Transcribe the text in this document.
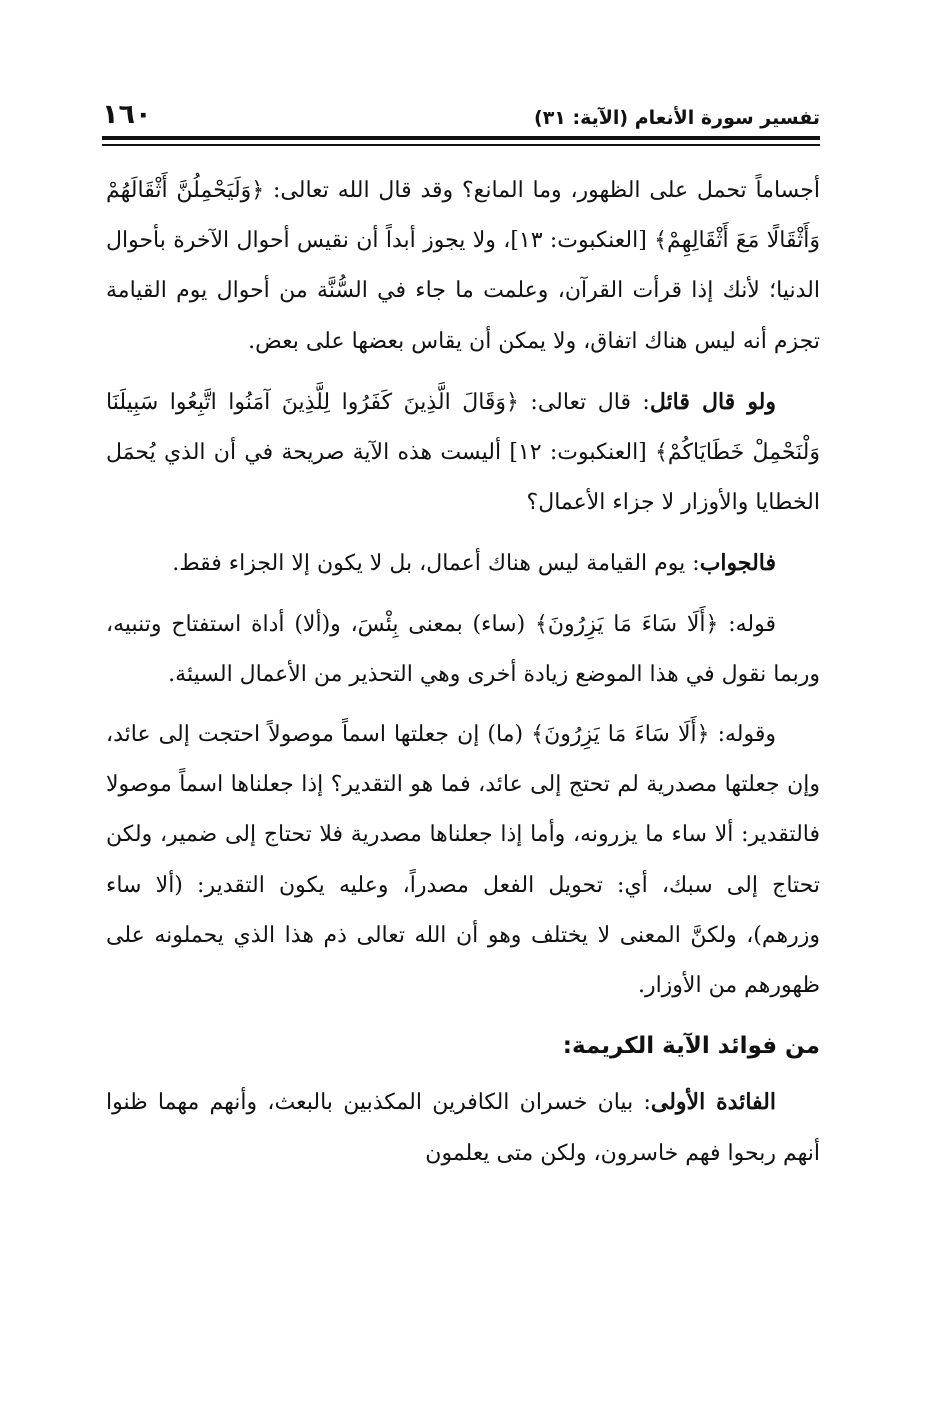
تفسير سورة الأنعام (الآية: ٣١)
١٦٠

أجساماً تحمل على الظهور، وما المانع؟ وقد قال الله تعالى: ﴿وَلَيَحْمِلُنَّ أَثْقَالَهُمْ وَأَثْقَالًا مَعَ أَثْقَالِهِمْ﴾ [العنكبوت: ١٣]، ولا يجوز أبداً أن نقيس أحوال الآخرة بأحوال الدنيا؛ لأنك إذا قرأت القرآن، وعلمت ما جاء في السُّنَّة من أحوال يوم القيامة تجزم أنه ليس هناك اتفاق، ولا يمكن أن يقاس بعضها على بعض.

ولو قال قائل: قال تعالى: ﴿وَقَالَ الَّذِينَ كَفَرُوا لِلَّذِينَ آمَنُوا اتَّبِعُوا سَبِيلَنَا وَلْنَحْمِلْ خَطَايَاكُمْ﴾ [العنكبوت: ١٢] أليست هذه الآية صريحة في أن الذي يُحمَل الخطايا والأوزار لا جزاء الأعمال؟

فالجواب: يوم القيامة ليس هناك أعمال، بل لا يكون إلا الجزاء فقط.

قوله: ﴿أَلَا سَاءَ مَا يَزِرُونَ﴾ (ساء) بمعنى بِئْسَ، و(ألا) أداة استفتاح وتنبيه، وربما نقول في هذا الموضع زيادة أخرى وهي التحذير من الأعمال السيئة.

وقوله: ﴿أَلَا سَاءَ مَا يَزِرُونَ﴾ (ما) إن جعلتها اسماً موصولاً احتجت إلى عائد، وإن جعلتها مصدرية لم تحتج إلى عائد، فما هو التقدير؟ إذا جعلناها اسماً موصولا فالتقدير: ألا ساء ما يزرونه، وأما إذا جعلناها مصدرية فلا تحتاج إلى ضمير، ولكن تحتاج إلى سبك، أي: تحويل الفعل مصدراً، وعليه يكون التقدير: (ألا ساء وزرهم)، ولكنَّ المعنى لا يختلف وهو أن الله تعالى ذم هذا الذي يحملونه على ظهورهم من الأوزار.

من فوائد الآية الكريمة:

الفائدة الأولى: بيان خسران الكافرين المكذبين بالبعث، وأنهم مهما ظنوا أنهم ربحوا فهم خاسرون، ولكن متى يعلمون
